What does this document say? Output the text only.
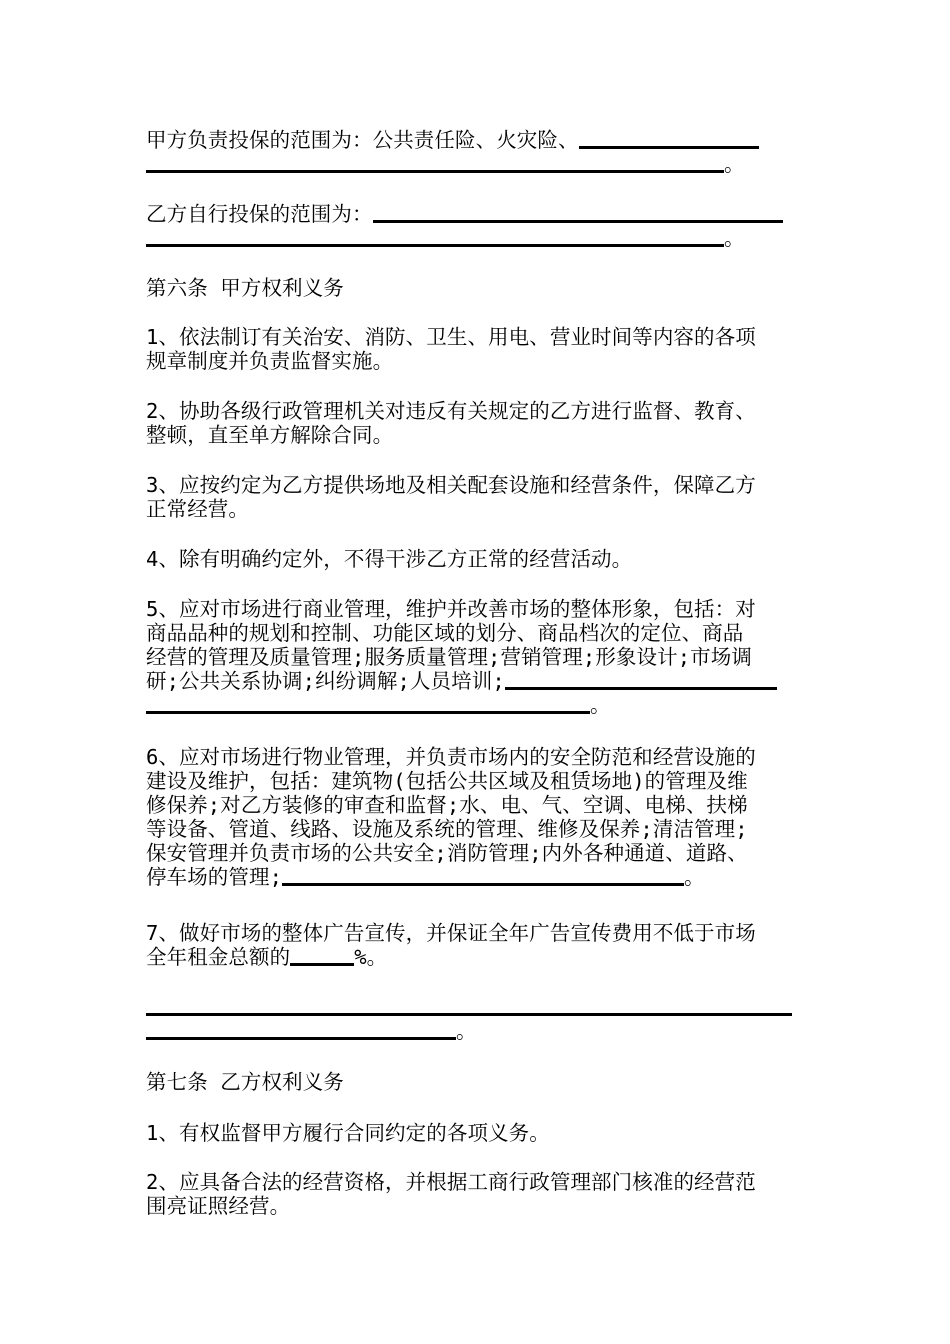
甲方负责投保的范围为：公共责任险、火灾险、
。
乙方自行投保的范围为：
。
第六条 甲方权利义务
1、依法制订有关治安、消防、卫生、用电、营业时间等内容的各项
规章制度并负责监督实施。
2、协助各级行政管理机关对违反有关规定的乙方进行监督、教育、
整顿，直至单方解除合同。
3、应按约定为乙方提供场地及相关配套设施和经营条件，保障乙方
正常经营。
4、除有明确约定外，不得干涉乙方正常的经营活动。
5、应对市场进行商业管理，维护并改善市场的整体形象，包括：对
商品品种的规划和控制、功能区域的划分、商品档次的定位、商品
经营的管理及质量管理;服务质量管理;营销管理;形象设计;市场调
研;公共关系协调;纠纷调解;人员培训;
。
6、应对市场进行物业管理，并负责市场内的安全防范和经营设施的
建设及维护，包括：建筑物(包括公共区域及租赁场地)的管理及维
修保养;对乙方装修的审查和监督;水、电、气、空调、电梯、扶梯
等设备、管道、线路、设施及系统的管理、维修及保养;清洁管理;
保安管理并负责市场的公共安全;消防管理;内外各种通道、道路、
停车场的管理;	。
7、做好市场的整体广告宣传，并保证全年广告宣传费用不低于市场
全年租金总额的	%。
。
第七条 乙方权利义务
1、有权监督甲方履行合同约定的各项义务。
2、应具备合法的经营资格，并根据工商行政管理部门核准的经营范
围亮证照经营。
